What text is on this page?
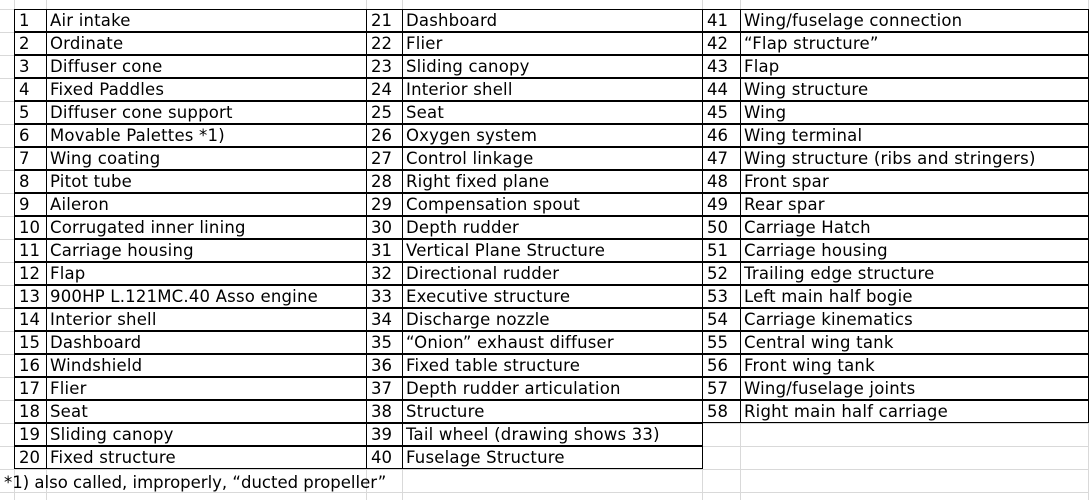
1	Air intake
2	Ordinate
3	Diffuser cone
4	Fixed Paddles
5	Diffuser cone support
6	Movable Palettes *1)
7	Wing coating
8	Pitot tube
9	Aileron
10 Corrugated inner lining
11 Carriage housing
12 Flap
13 900HP L.121MC.40 Asso engine
14 Interior shell
15 Dashboard
16 Windshield
17 Flier
18 Seat
19 Sliding canopy
20 Fixed structure
21 Dashboard
22 Flier
23 Sliding canopy
24 Interior shell
25 Seat
26 Oxygen system
27 Control linkage
28 Right fixed plane
29 Compensation spout
30 Depth rudder
31 Vertical Plane Structure
32 Directional rudder
33 Executive structure
34 Discharge nozzle
35 “Onion” exhaust diffuser
36 Fixed table structure
37 Depth rudder articulation
38 Structure
39 Tail wheel (drawing shows 33)
40 Fuselage Structure
41 Wing/fuselage connection
42 “Flap structure”
43 Flap
44 Wing structure
45 Wing
46 Wing terminal
47 Wing structure (ribs and stringers)
48 Front spar
49 Rear spar
50 Carriage Hatch
51 Carriage housing
52 Trailing edge structure
53 Left main half bogie
54 Carriage kinematics
55 Central wing tank
56 Front wing tank
57 Wing/fuselage joints
58 Right main half carriage
*1) also called, improperly, “ducted propeller”
